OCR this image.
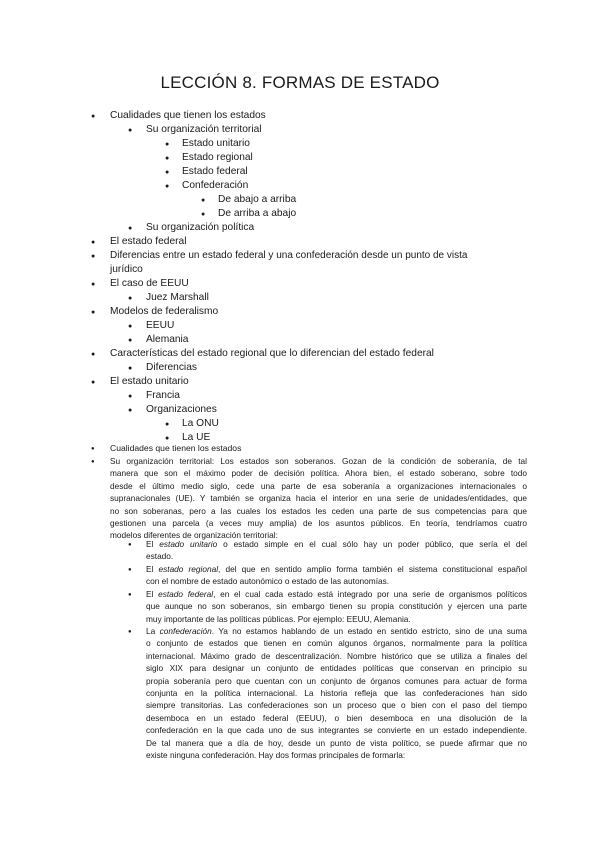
LECCIÓN 8. FORMAS DE ESTADO
● Cualidades que tienen los estados
● Su organización territorial
● Estado unitario
● Estado regional
● Estado federal
● Confederación
● De abajo a arriba
● De arriba a abajo
● Su organización política
● El estado federal
● Diferencias entre un estado federal y una confederación desde un punto de vista
jurídico
● El caso de EEUU
● Juez Marshall
● Modelos de federalismo
● EEUU
● Alemania
● Características del estado regional que lo diferencian del estado federal
● Diferencias
● El estado unitario
● Francia
● Organizaciones
● La ONU
● La UE
● Cualidades que tienen los estados
● Su organización territorial: Los estados son soberanos. Gozan de la condición de soberanía, de tal
manera que son el máximo poder de decisión política. Ahora bien, el estado soberano, sobre todo
desde el último medio siglo, cede una parte de esa soberanía a organizaciones internacionales o
supranacionales (UE). Y también se organiza hacia el interior en una serie de unidades/entidades, que
no son soberanas, pero a las cuales los estados les ceden una parte de sus competencias para que
gestionen una parcela (a veces muy amplia) de los asuntos públicos. En teoría, tendríamos cuatro
modelos diferentes de organización territorial:
● El estado unitario o estado simple en el cual sólo hay un poder público, que sería el del
estado.
● El estado regional, del que en sentido amplio forma también el sistema constitucional español
con el nombre de estado autonómico o estado de las autonomías.
● El estado federal, en el cual cada estado está integrado por una serie de organismos políticos
que aunque no son soberanos, sin embargo tienen su propia constitución y ejercen una parte
muy importante de las políticas públicas. Por ejemplo: EEUU, Alemania.
● La confederación. Ya no estamos hablando de un estado en sentido estricto, sino de una suma
o conjunto de estados que tienen en común algunos órganos, normalmente para la política
internacional. Máximo grado de descentralización. Nombre histórico que se utiliza a finales del
siglo XIX para designar un conjunto de entidades políticas que conservan en principio su
propia soberanía pero que cuentan con un conjunto de órganos comunes para actuar de forma
conjunta en la política internacional. La historia refleja que las confederaciones han sido
siempre transitorias. Las confederaciones son un proceso que o bien con el paso del tiempo
desemboca en un estado federal (EEUU), o bien desemboca en una disolución de la
confederación en la que cada uno de sus integrantes se convierte en un estado independiente.
De tal manera que a día de hoy, desde un punto de vista político, se puede afirmar que no
existe ninguna confederación. Hay dos formas principales de formarla:
